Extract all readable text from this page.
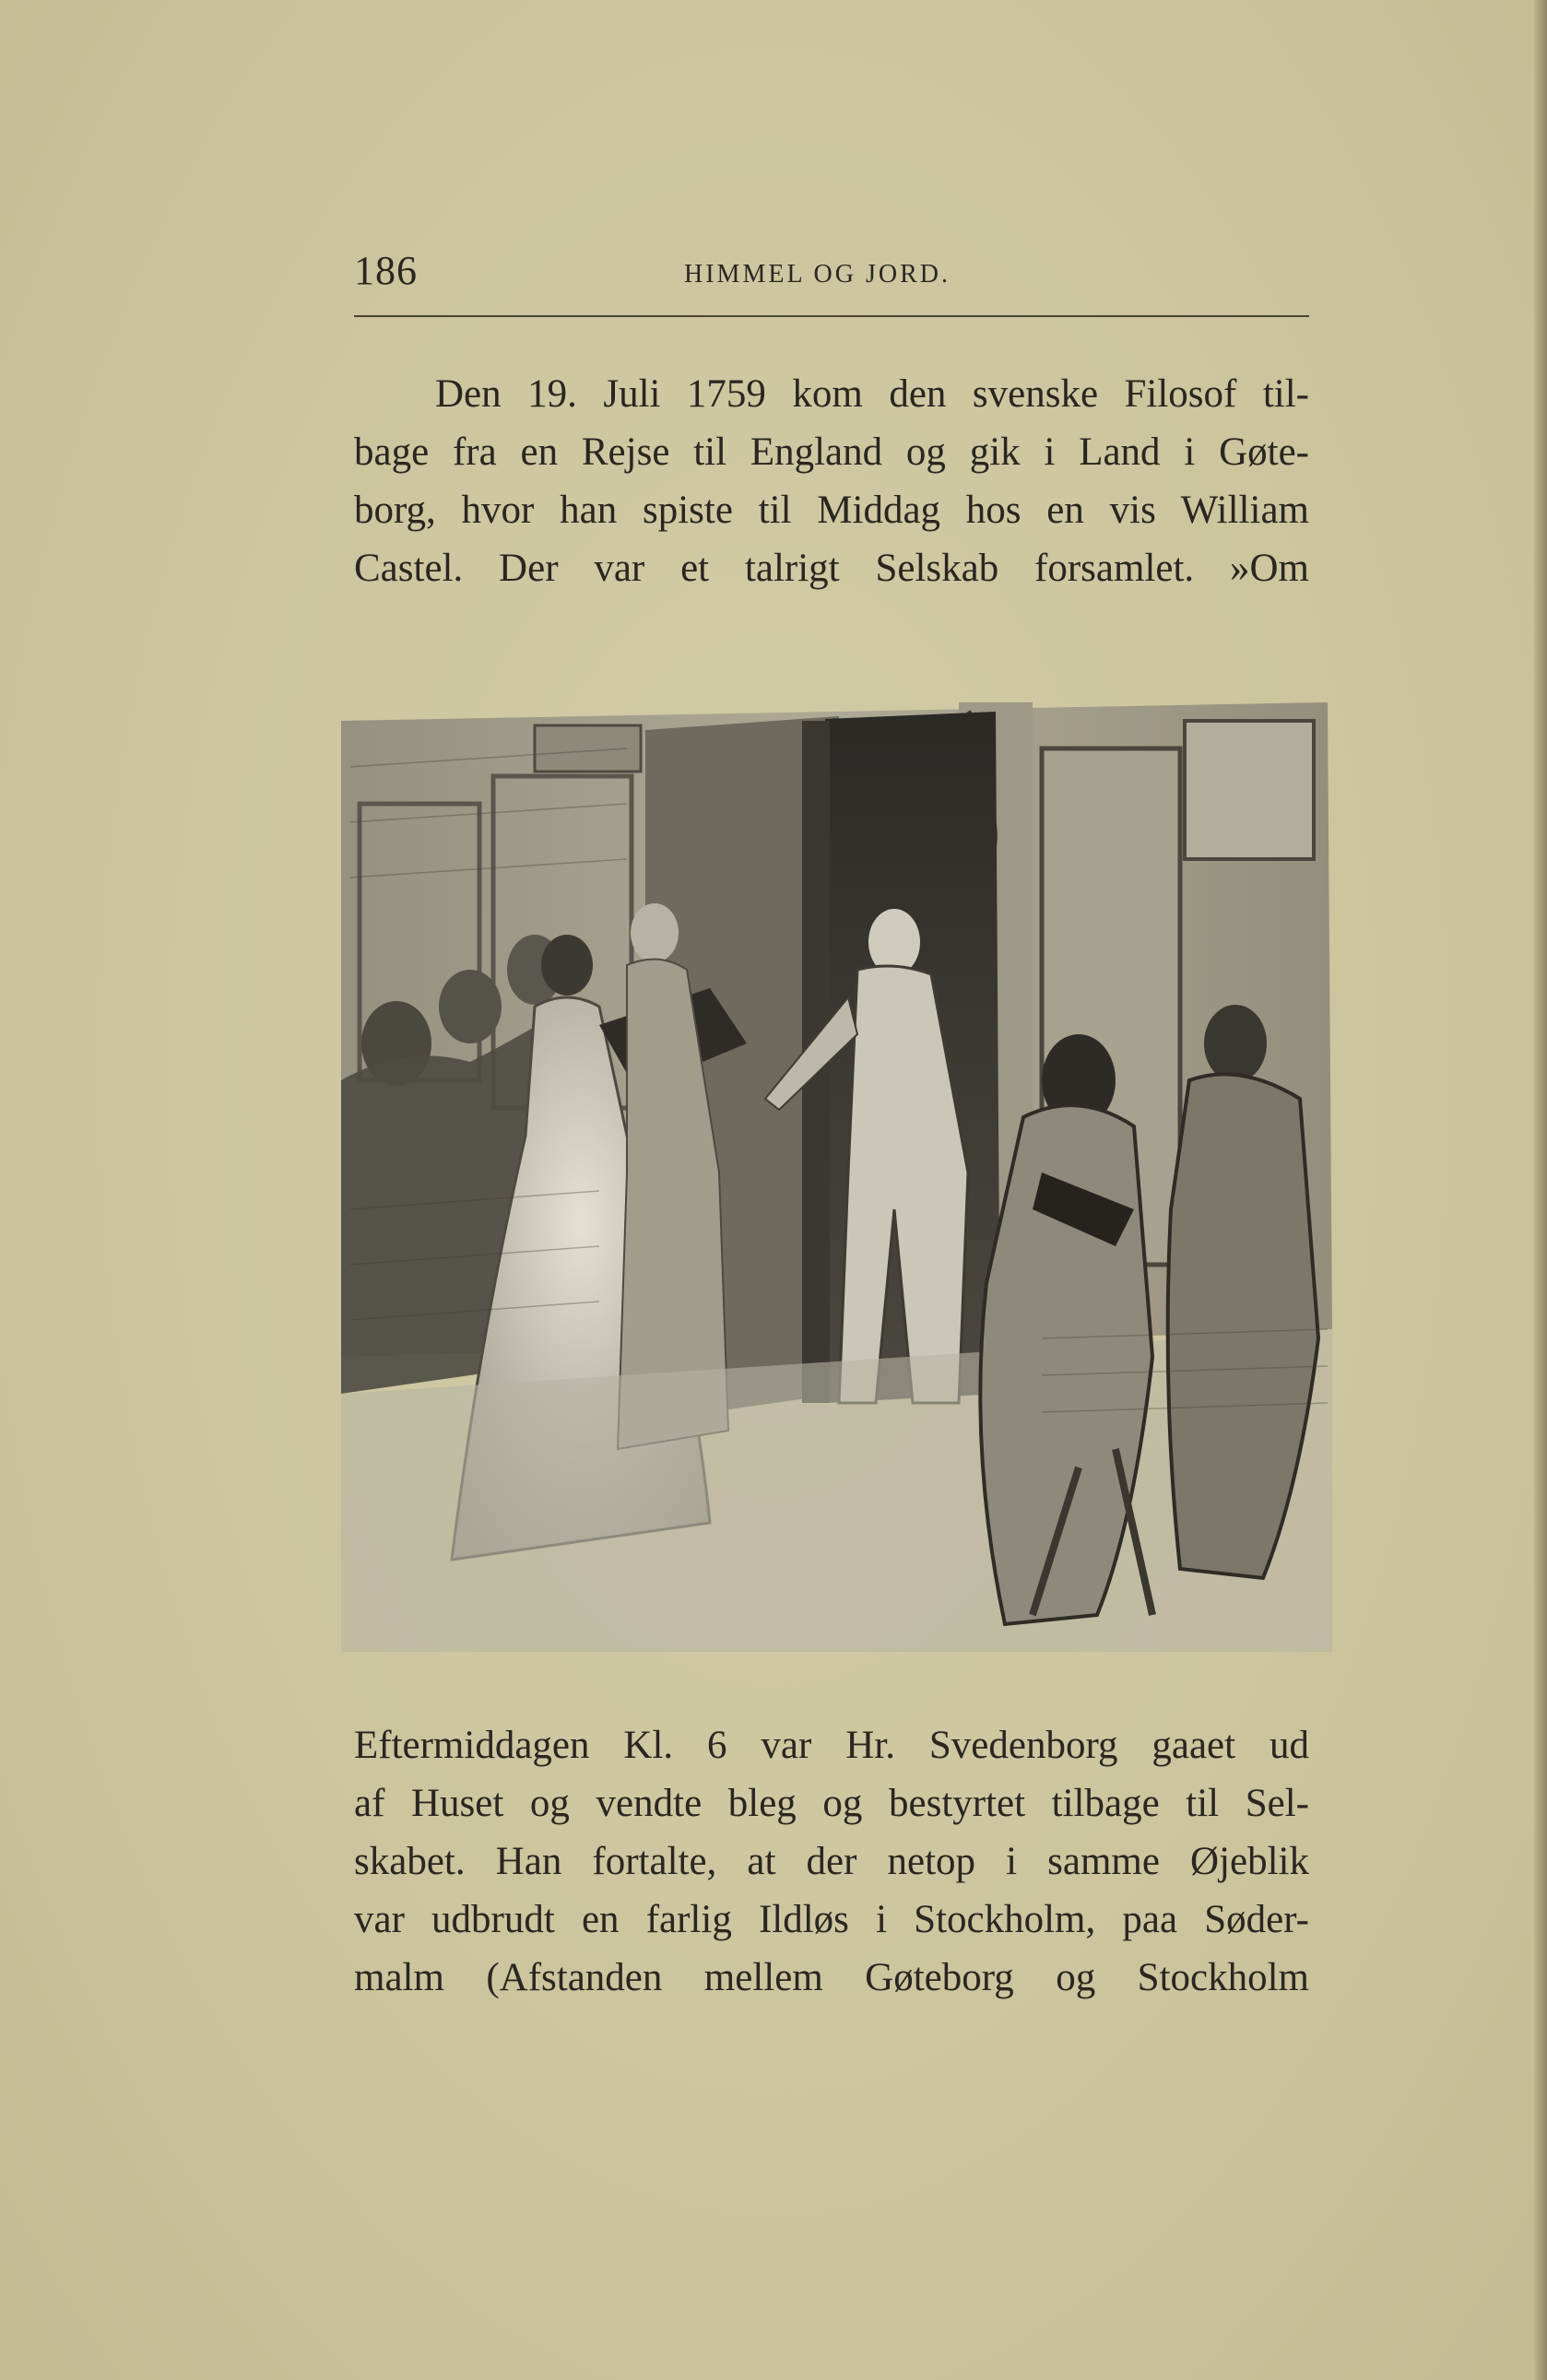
186	HIMMEL OG JORD.
Den 19. Juli 1759 kom den svenske Filosof til-
bage fra en Rejse til England og gik i Land i Gøte-
borg, hvor han spiste til Middag hos en vis William
Castel. Der var et talrigt Selskab forsamlet. »Om
Eftermiddagen Kl. 6 var Hr. Svedenborg gaaet ud
af Huset og vendte bleg og bestyrtet tilbage til Sel-
skabet. Han fortalte, at der netop i samme Øjeblik
var udbrudt en farlig Ildløs i Stockholm, paa Søder-
malm (Afstanden mellem Gøteborg og Stockholm
